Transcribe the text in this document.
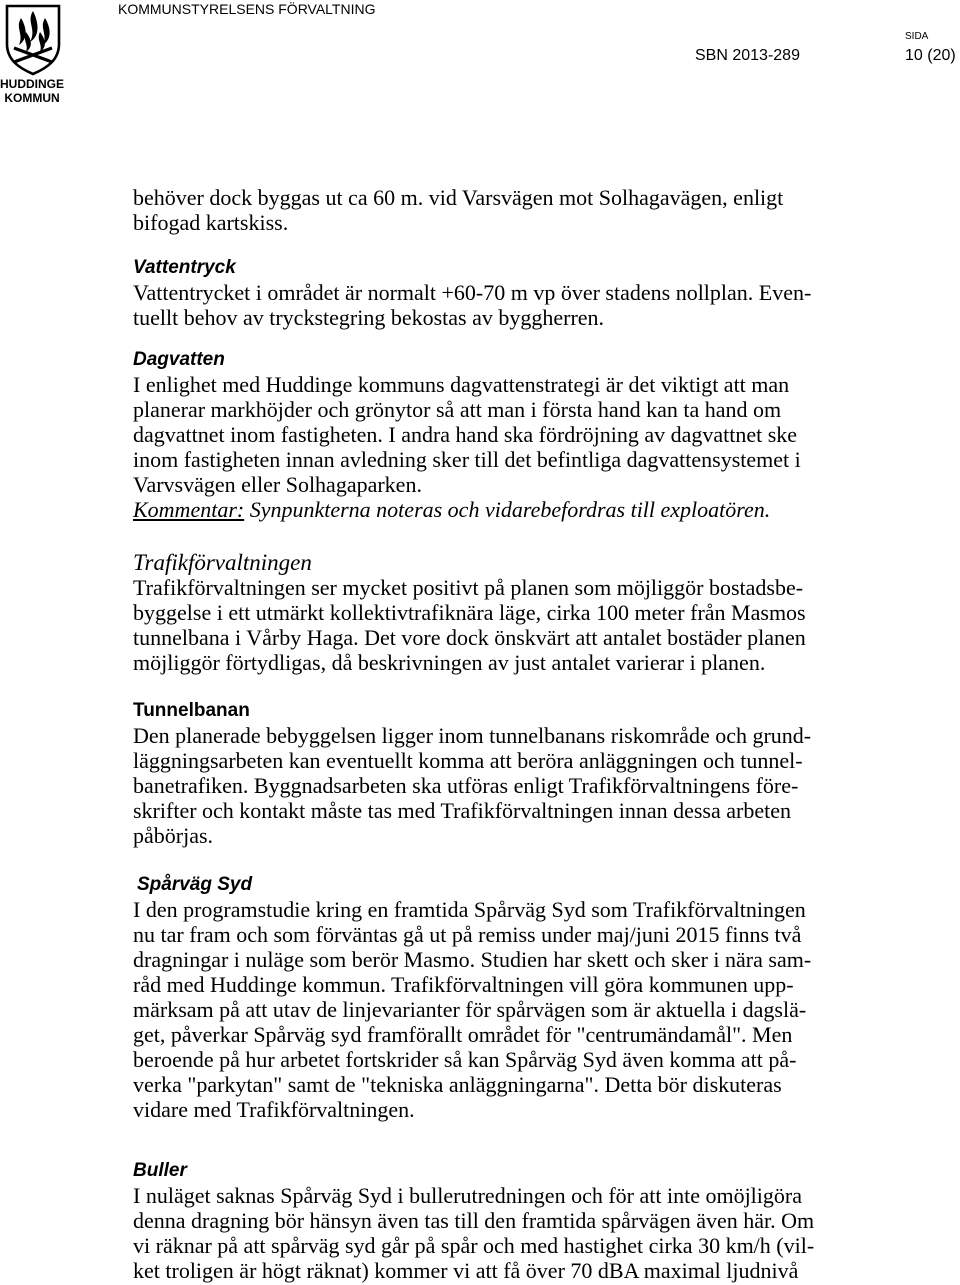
HUDDINGE
KOMMUN
KOMMUNSTYRELSENS FÖRVALTNING
SIDA
SBN 2013-289	10 (20)
behöver dock byggas ut ca 60 m. vid Varsvägen mot Solhagavägen, enligt
bifogad kartskiss.
Vattentryck
Vattentrycket i området är normalt +60-70 m vp över stadens nollplan. Even-
tuellt behov av tryckstegring bekostas av byggherren.
Dagvatten
I enlighet med Huddinge kommuns dagvattenstrategi är det viktigt att man
planerar markhöjder och grönytor så att man i första hand kan ta hand om
dagvattnet inom fastigheten. I andra hand ska fördröjning av dagvattnet ske
inom fastigheten innan avledning sker till det befintliga dagvattensystemet i
Varvsvägen eller Solhagaparken.
Kommentar: Synpunkterna noteras och vidarebefordras till exploatören.
Trafikförvaltningen
Trafikförvaltningen ser mycket positivt på planen som möjliggör bostadsbe-
byggelse i ett utmärkt kollektivtrafiknära läge, cirka 100 meter från Masmos
tunnelbana i Vårby Haga. Det vore dock önskvärt att antalet bostäder planen
möjliggör förtydligas, då beskrivningen av just antalet varierar i planen.
Tunnelbanan
Den planerade bebyggelsen ligger inom tunnelbanans riskområde och grund-
läggningsarbeten kan eventuellt komma att beröra anläggningen och tunnel-
banetrafiken. Byggnadsarbeten ska utföras enligt Trafikförvaltningens före-
skrifter och kontakt måste tas med Trafikförvaltningen innan dessa arbeten
påbörjas.
Spårväg Syd
I den programstudie kring en framtida Spårväg Syd som Trafikförvaltningen
nu tar fram och som förväntas gå ut på remiss under maj/juni 2015 finns två
dragningar i nuläge som berör Masmo. Studien har skett och sker i nära sam-
råd med Huddinge kommun. Trafikförvaltningen vill göra kommunen upp-
märksam på att utav de linjevarianter för spårvägen som är aktuella i dagslä-
get, påverkar Spårväg syd framförallt området för "centrumändamål". Men
beroende på hur arbetet fortskrider så kan Spårväg Syd även komma att på-
verka "parkytan" samt de "tekniska anläggningarna". Detta bör diskuteras
vidare med Trafikförvaltningen.
Buller
I nuläget saknas Spårväg Syd i bullerutredningen och för att inte omöjligöra
denna dragning bör hänsyn även tas till den framtida spårvägen även här. Om
vi räknar på att spårväg syd går på spår och med hastighet cirka 30 km/h (vil-
ket troligen är högt räknat) kommer vi att få över 70 dBA maximal ljudnivå
